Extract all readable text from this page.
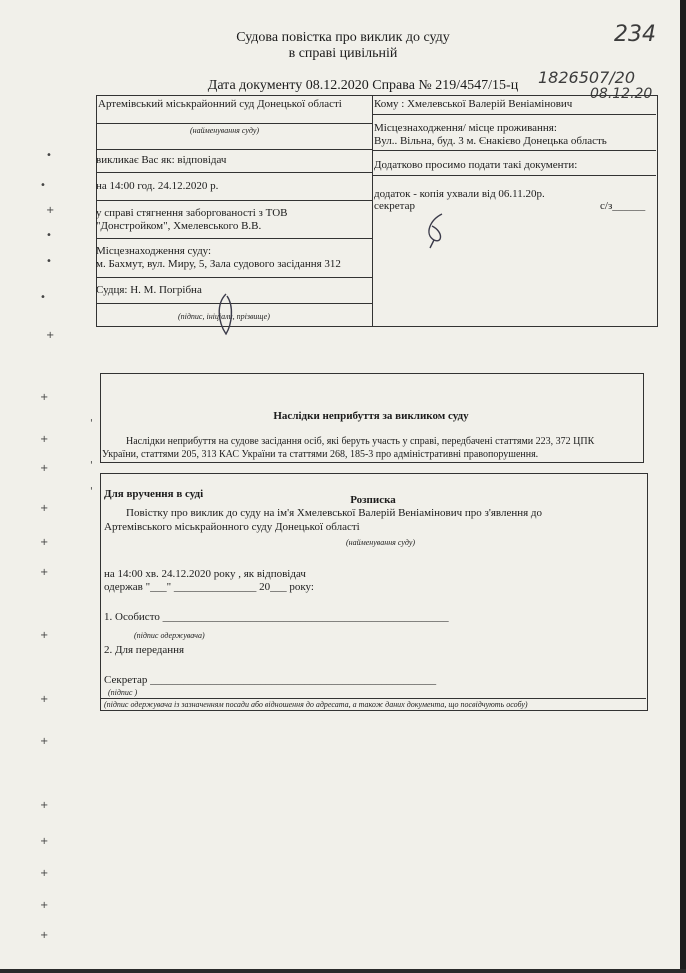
Судова повістка про виклик до суду
в справі цивільній
Дата документу 08.12.2020 Справа № 219/4547/15-ц
234
1826507/20
08.12.20
Артемівський міськрайонний суд Донецької області
(найменування суду)
викликає Вас як: відповідач
на 14:00 год. 24.12.2020 р.
у справі стягнення заборгованості з ТОВ
"Донстройком", Хмелевського В.В.
Місцезнаходження суду:
м. Бахмут, вул. Миру, 5, Зала судового засідання 312
Судця: Н. М. Погрібна
(підпис, ініціали, прізвище)
Кому : Хмелевської Валерій Веніамінович
Місцезнаходження/ місце проживання:
Вул.. Вільна, буд. 3 м. Єнакієво Донецька область
Додатково просимо подати такі документи:
додаток - копія ухвали від 06.11.20р.
секретар	с/з______
Наслідки неприбуття за викликом суду
Наслідки неприбуття на судове засідання осіб, які беруть участь у справі, передбачені статтями 223, 372 ЦПК
України, статтями 205, 313 КАС України та статтями 268, 185-3 про адміністративні правопорушення.
Для вручення в суді	Розписка
Повістку про виклик до суду на ім'я Хмелевської Валерій Веніамінович про з'явлення до
Артемівського міськрайонного суду Донецької області
(найменування суду)
на 14:00 хв. 24.12.2020 року , як відповідач
одержав "___" _______________ 20___ року:
1. Особисто ____________________________________________________
(підпис одержувача)
2. Для передання
Секретар ____________________________________________________
(підпис )
(підпис одержувача із зазначенням посади або відношення до адресата, а також даних документа, що посвідчують особу)
•
•
+
•
•
•
+
+
+
+
+
+
+
+
+
+
+
+
+
+
+
'
'
'
